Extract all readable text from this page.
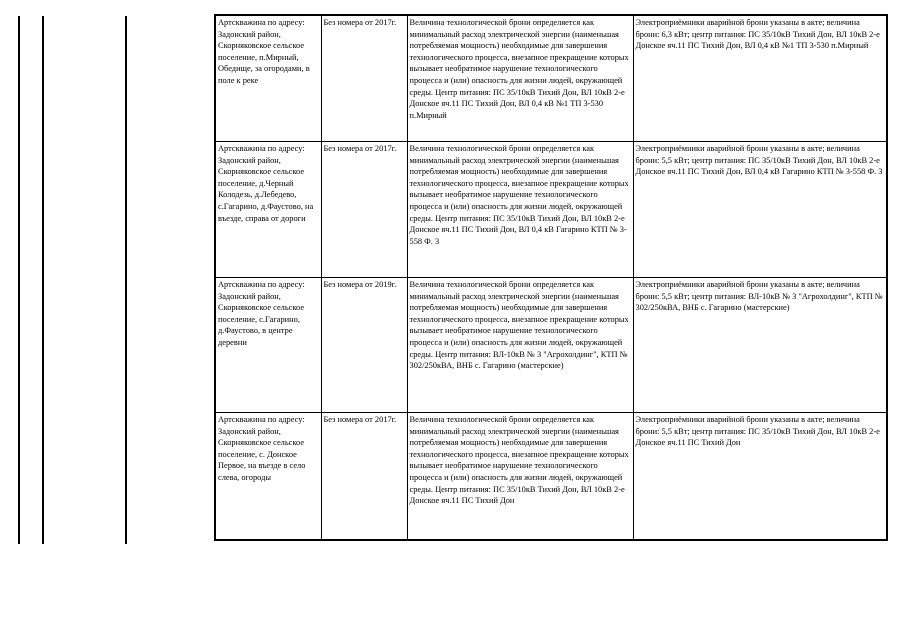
Артскважина по адресу: Задонский район, Скорняковское сельское поселение, п.Мирный, Обедище, за огородами, в поле к реке	Без номера от 2017г.	Величина технологической брони определяется как минимальный расход электрической энергии (наименьшая потребляемая мощность) необходимые для завершения технологического процесса, внезапное прекращение которых вызывает необратимое нарушение технологического процесса и (или) опасность для жизни людей, окружающей среды. Центр питания: ПС 35/10кВ Тихий Дон, ВЛ 10кВ 2-е Донское яч.11 ПС Тихий Дон, ВЛ 0,4 кВ №1 ТП 3-530 п.Мирный	Электроприёмники аварийной брони указаны в акте; величина брони: 6,3 кВт; центр питания: ПС 35/10кВ Тихий Дон, ВЛ 10кВ 2-е Донское яч.11 ПС Тихий Дон, ВЛ 0,4 кВ №1 ТП 3-530 п.Мирный
Артскважина по адресу: Задонский район, Скорняковское сельское поселение, д.Черный Колодезь, д.Лебедево, с.Гагарино, д.Фаустово, на въезде, справа от дороги	Без номера от 2017г.	Величина технологической брони определяется как минимальный расход электрической энергии (наименьшая потребляемая мощность) необходимые для завершения технологического процесса, внезапное прекращение которых вызывает необратимое нарушение технологического процесса и (или) опасность для жизни людей, окружающей среды. Центр питания: ПС 35/10кВ Тихий Дон, ВЛ 10кВ 2-е Донское яч.11 ПС Тихий Дон, ВЛ 0,4 кВ Гагарино КТП № 3-558 Ф. 3	Электроприёмники аварийной брони указаны в акте; величина брони: 5,5 кВт; центр питания: ПС 35/10кВ Тихий Дон, ВЛ 10кВ 2-е Донское яч.11 ПС Тихий Дон, ВЛ 0,4 кВ Гагарино КТП № 3-558 Ф. 3
Артскважина по адресу: Задонский район, Скорняковское сельское поселение, с.Гагарино, д.Фаустово, в центре деревни	Без номера от 2019г.	Величина технологической брони определяется как минимальный расход электрической энергии (наименьшая потребляемая мощность) необходимые для завершения технологического процесса, внезапное прекращение которых вызывает необратимое нарушение технологического процесса и (или) опасность для жизни людей, окружающей среды. Центр питания: ВЛ-10кВ № 3 "Агрохолдинг", КТП № 302/250кВА, ВНБ с. Гагарино (мастерские)	Электроприёмники аварийной брони указаны в акте; величина брони: 5,5 кВт; центр питания: ВЛ-10кВ № 3 "Агрохолдинг", КТП № 302/250кВА, ВНБ с. Гагарино (мастерские)
Артскважина по адресу: Задонский район, Скорняковское сельское поселение, с. Донское Первое, на въезде в село слева, огороды	Без номера от 2017г.	Величина технологической брони определяется как минимальный расход электрической энергии (наименьшая потребляемая мощность) необходимые для завершения технологического процесса, внезапное прекращение которых вызывает необратимое нарушение технологического процесса и (или) опасность для жизни людей, окружающей среды. Центр питания: ПС 35/10кВ Тихий Дон, ВЛ 10кВ 2-е Донское яч.11 ПС Тихий Дон	Электроприёмники аварийной брони указаны в акте; величина брони: 5,5 кВт; центр питания: ПС 35/10кВ Тихий Дон, ВЛ 10кВ 2-е Донское яч.11 ПС Тихий Дон
